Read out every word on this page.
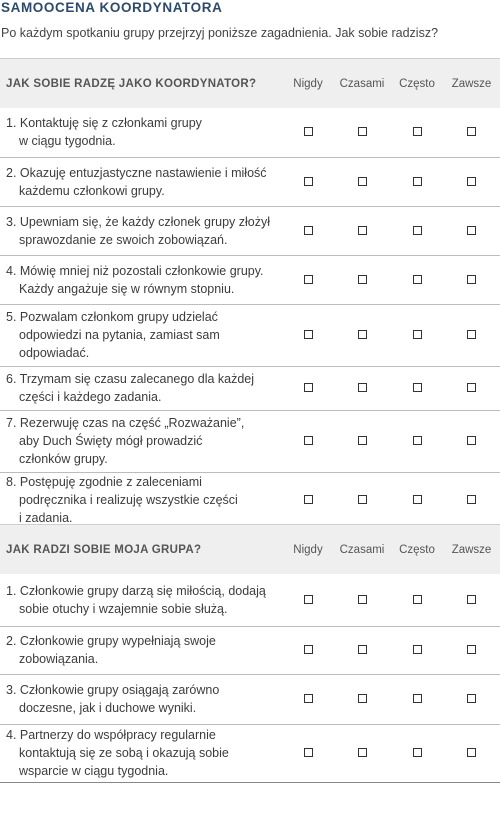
SAMOOCENA KOORDYNATORA
Po każdym spotkaniu grupy przejrzyj poniższe zagadnienia. Jak sobie radzisz?
JAK SOBIE RADZĘ JAKO KOORDYNATOR?	Nigdy	Czasami	Często	Zawsze

1. Kontaktuję się z członkami grupy
w ciągu tygodnia.				

2. Okazuję entuzjastyczne nastawienie i miłość
każdemu członkowi grupy.				

3. Upewniam się, że każdy członek grupy złożył
sprawozdanie ze swoich zobowiązań.				

4. Mówię mniej niż pozostali członkowie grupy.
Każdy angażuje się w równym stopniu.				

5. Pozwalam członkom grupy udzielać
odpowiedzi na pytania, zamiast sam
odpowiadać.				

6. Trzymam się czasu zalecanego dla każdej
części i każdego zadania.				

7. Rezerwuję czas na część „Rozważanie”,
aby Duch Święty mógł prowadzić
członków grupy.				

8. Postępuję zgodnie z zaleceniami
podręcznika i realizuję wszystkie części
i zadania.				

JAK RADZI SOBIE MOJA GRUPA?	Nigdy	Czasami	Często	Zawsze

1. Członkowie grupy darzą się miłością, dodają
sobie otuchy i wzajemnie sobie służą.				

2. Członkowie grupy wypełniają swoje
zobowiązania.				

3. Członkowie grupy osiągają zarówno
doczesne, jak i duchowe wyniki.				

4. Partnerzy do współpracy regularnie
kontaktują się ze sobą i okazują sobie
wsparcie w ciągu tygodnia.				
